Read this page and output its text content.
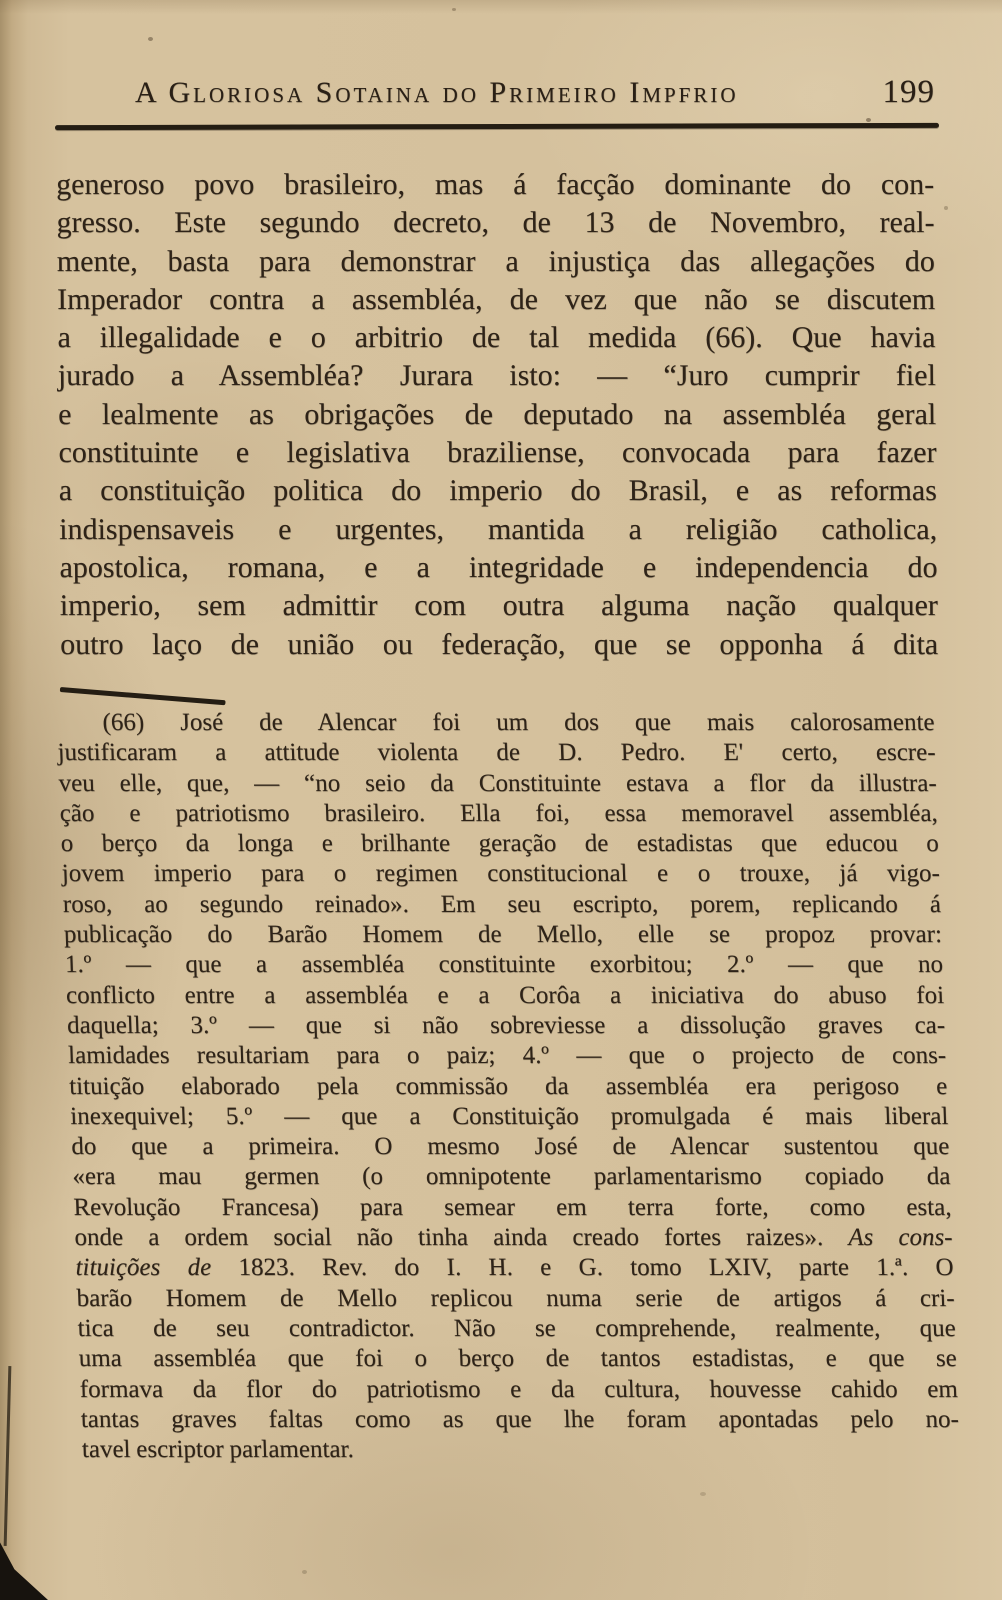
A Gloriosa Sotaina do Primeiro Impfrio	199
generoso povo brasileiro, mas á facção dominante do con-
gresso. Este segundo decreto, de 13 de Novembro, real-
mente, basta para demonstrar a injustiça das allegações do
Imperador contra a assembléa, de vez que não se discutem
a illegalidade e o arbitrio de tal medida (66). Que havia
jurado a Assembléa? Jurara isto: — “Juro cumprir fiel
e lealmente as obrigações de deputado na assembléa geral
constituinte e legislativa braziliense, convocada para fazer
a constituição politica do imperio do Brasil, e as reformas
indispensaveis e urgentes, mantida a religião catholica,
apostolica, romana, e a integridade e independencia do
imperio, sem admittir com outra alguma nação qualquer
outro laço de união ou federação, que se opponha á dita
(66) José de Alencar foi um dos que mais calorosamente
justificaram a attitude violenta de D. Pedro. E' certo, escre-
veu elle, que, — “no seio da Constituinte estava a flor da illustra-
ção e patriotismo brasileiro. Ella foi, essa memoravel assembléa,
o berço da longa e brilhante geração de estadistas que educou o
jovem imperio para o regimen constitucional e o trouxe, já vigo-
roso, ao segundo reinado». Em seu escripto, porem, replicando á
publicação do Barão Homem de Mello, elle se propoz provar:
1.º — que a assembléa constituinte exorbitou; 2.º — que no
conflicto entre a assembléa e a Corôa a iniciativa do abuso foi
daquella; 3.º — que si não sobreviesse a dissolução graves ca-
lamidades resultariam para o paiz; 4.º — que o projecto de cons-
tituição elaborado pela commissão da assembléa era perigoso e
inexequivel; 5.º — que a Constituição promulgada é mais liberal
do que a primeira. O mesmo José de Alencar sustentou que
«era mau germen (o omnipotente parlamentarismo copiado da
Revolução Francesa) para semear em terra forte, como esta,
onde a ordem social não tinha ainda creado fortes raizes». As cons-
tituições de 1823. Rev. do I. H. e G. tomo LXIV, parte 1.ª. O
barão Homem de Mello replicou numa serie de artigos á cri-
tica de seu contradictor. Não se comprehende, realmente, que
uma assembléa que foi o berço de tantos estadistas, e que se
formava da flor do patriotismo e da cultura, houvesse cahido em
tantas graves faltas como as que lhe foram apontadas pelo no-
tavel escriptor parlamentar.
